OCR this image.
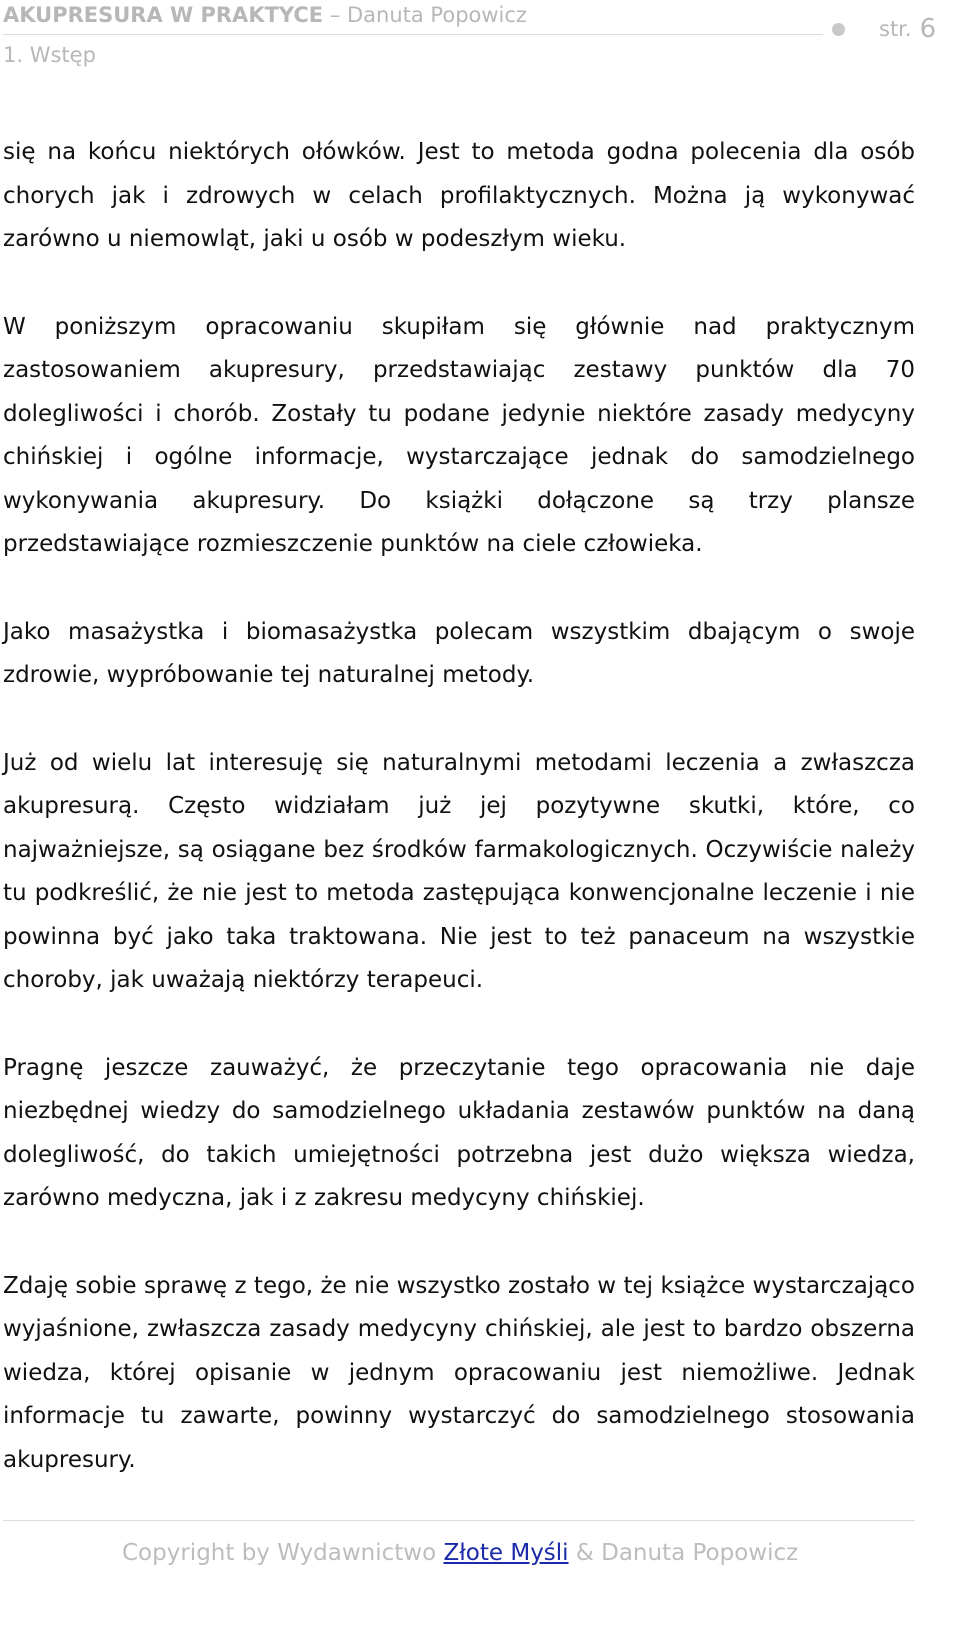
AKUPRESURA W PRAKTYCE – Danuta Popowicz

1. Wstęp
str. 6

się na końcu niektórych ołówków. Jest to metoda godna polecenia dla osób chorych jak i zdrowych w celach profilaktycznych. Można ją wykonywać zarówno u niemowląt, jaki u osób w podeszłym wieku.

W poniższym opracowaniu skupiłam się głównie nad praktycznym zastosowaniem akupresury, przedstawiając zestawy punktów dla 70 dolegliwości i chorób. Zostały tu podane jedynie niektóre zasady medycyny chińskiej i ogólne informacje, wystarczające jednak do samodzielnego wykonywania akupresury. Do książki dołączone są trzy plansze przedstawiające rozmieszczenie punktów na ciele człowieka.

Jako masażystka i biomasażystka polecam wszystkim dbającym o swoje zdrowie, wypróbowanie tej naturalnej metody.

Już od wielu lat interesuję się naturalnymi metodami leczenia a zwłaszcza akupresurą. Często widziałam już jej pozytywne skutki, które, co najważniejsze, są osiągane bez środków farmakologicznych. Oczywiście należy tu podkreślić, że nie jest to metoda zastępująca konwencjonalne leczenie i nie powinna być jako taka traktowana. Nie jest to też panaceum na wszystkie choroby, jak uważają niektórzy terapeuci.

Pragnę jeszcze zauważyć, że przeczytanie tego opracowania nie daje niezbędnej wiedzy do samodzielnego układania zestawów punktów na daną dolegliwość, do takich umiejętności potrzebna jest dużo większa wiedza, zarówno medyczna, jak i z zakresu medycyny chińskiej.

Zdaję sobie sprawę z tego, że nie wszystko zostało w tej książce wystarczająco wyjaśnione, zwłaszcza zasady medycyny chińskiej, ale jest to bardzo obszerna wiedza, której opisanie w jednym opracowaniu jest niemożliwe. Jednak informacje tu zawarte, powinny wystarczyć do samodzielnego stosowania akupresury.

Copyright by Wydawnictwo Złote Myśli & Danuta Popowicz
